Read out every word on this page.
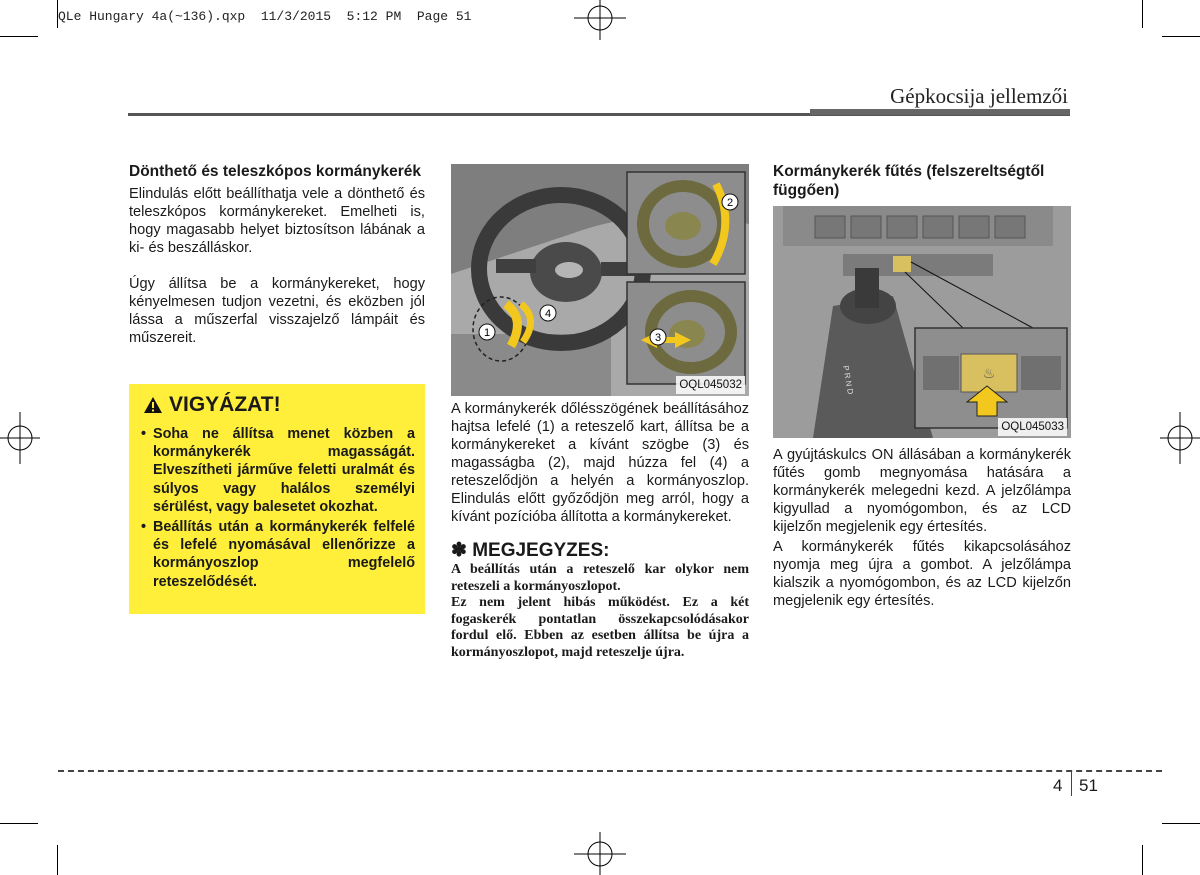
QLe Hungary 4a(~136).qxp  11/3/2015  5:12 PM  Page 51
Gépkocsija jellemzői
Dönthető és teleszkópos kormánykerék

Elindulás előtt beállíthatja vele a dönthető és teleszkópos kormánykereket. Emelheti is, hogy magasabb helyet biztosítson lábának a ki- és beszálláskor.

Úgy állítsa be a kormánykereket, hogy kényelmesen tudjon vezetni, és eközben jól lássa a műszerfal visszajelző lámpáit és műszereit.

VIGYÁZAT!
• Soha ne állítsa menet közben a kormánykerék magasságát. Elveszítheti járműve feletti uralmát és súlyos vagy halálos személyi sérülést, vagy balesetet okozhat.
• Beállítás után a kormánykerék felfelé és lefelé nyomásával ellenőrizze a kormányoszlop megfelelő reteszelődését.
1
4
2
3
OQL045032

A kormánykerék dőlésszögének beállításához hajtsa lefelé (1) a reteszelő kart, állítsa be a kormánykereket a kívánt szögbe (3) és magasságba (2), majd húzza fel (4) a reteszelődjön a helyén a kormányoszlop. Elindulás előtt győződjön meg arról, hogy a kívánt pozícióba állította a kormánykereket.

✽ MEGJEGYZES:

A beállítás után a reteszelő kar olykor nem reteszeli a kormányoszlopot.

Ez nem jelent hibás működést. Ez a két fogaskerék pontatlan összekapcsolódásakor fordul elő. Ebben az esetben állítsa be újra a kormányoszlopot, majd reteszelje újra.

Kormánykerék fűtés (felszereltségtől függően)
P R N D	♨
OQL045033

A gyújtáskulcs ON állásában a kormánykerék fűtés gomb megnyomása hatására a kormánykerék melegedni kezd. A jelzőlámpa kigyullad a nyomógombon, és az LCD kijelzőn megjelenik egy értesítés.

A kormánykerék fűtés kikapcsolásához nyomja meg újra a gombot. A jelzőlámpa kialszik a nyomógombon, és az LCD kijelzőn megjelenik egy értesítés.

4 51
